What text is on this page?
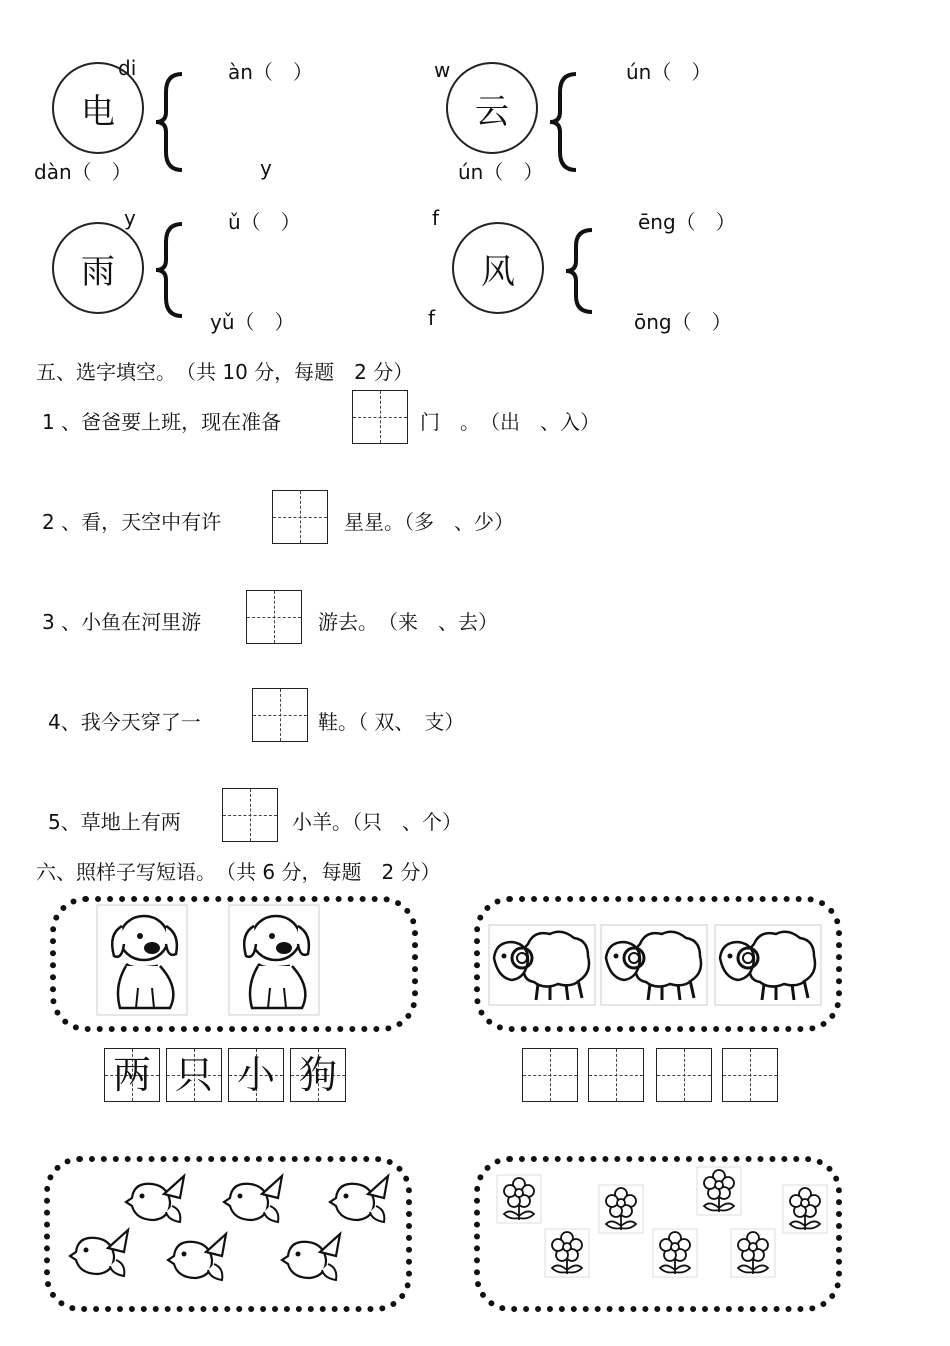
di	àn（　）
电
dàn（　）	y
w	ún（　）
云
ún（　）
y	ǔ（　）
雨
yǔ（　）
f	ēng（　）
风
f	ōng（　）
五、选字填空。　（共 10 分，每题　2 分）
1 、爸爸要上班，现在准备	门　。　（出　、入）
2 、看，天空中有许	星星。（多　、少）
3 、小鱼在河里游	游去。　（来　、去）
4、我今天穿了一	鞋。（ 双、　支）
5、草地上有两	小羊。（只　、个）
六、照样子写短语。　（共 6 分，每题　2 分）
两 只 小 狗
